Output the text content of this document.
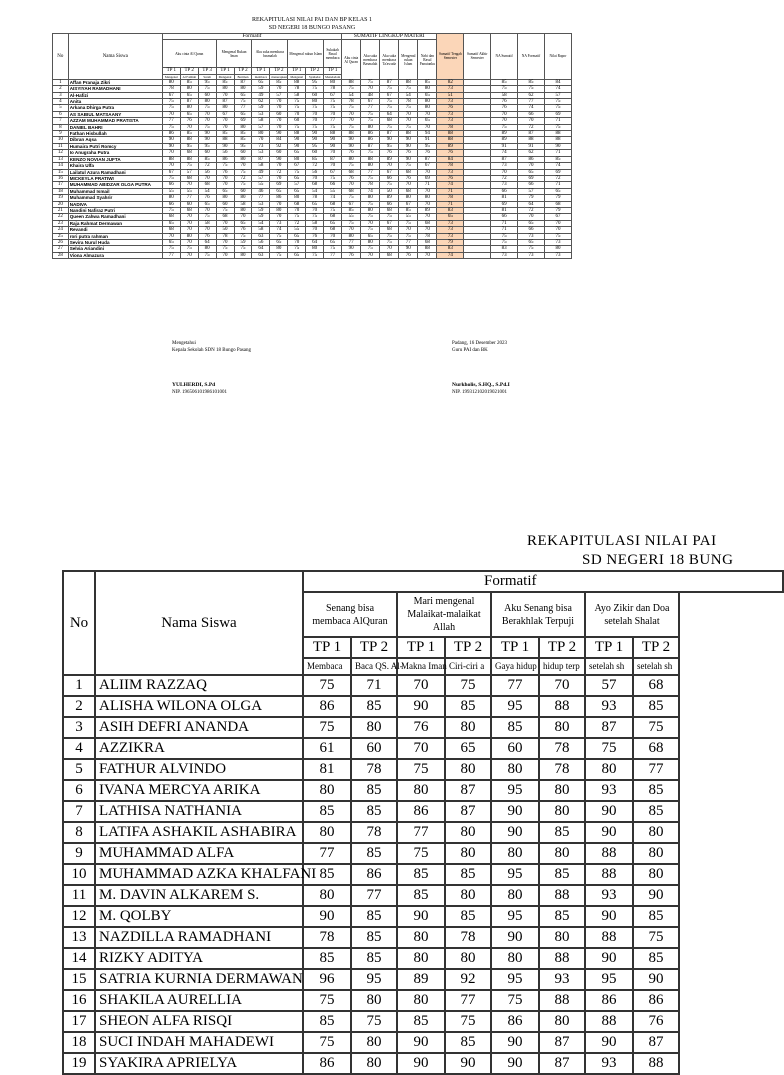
REKAPITULASI NILAI PAI DAN BP KELAS 1
SD NEGERI 18 BUNGO PASANG
No	Nama Siswa	Formatif										SUMATIF LINGKUP MATERI					Sumatif Tengah Semester	Sumatif Akhir Semester	NA Sumatif	NA Formatif	Nilai Rapor
		Aku cinta Al Quran			Mengenal Rukun Iman		Aku suka membaca basmalah		Mengenal rukun Islam		Sukakah Rasul membaca	Aku cinta Al Quran	Aku suka membaca Basmalah	Aku suka membaca Ta'awudz	Mengenal rukun Islam	Nabi dan Rasul Panutanku					
		TP 1	TP 2	TP 3	TP 1	TP 2	TP 1	TP 2	TP 1	TP 2	TP 1										
		Mengenal	Al Fatihah	Surah	Mengenal	Beriman	membaca	menerapkan	Mengenal	Syahadat	Meneladani										
1	Affan Pranaja Zikri	80	85	95	85	87	65	85	88	95	80	88	75	87	88	85	82		85	85	84
2	AISYIYAH RAMADHANI	78	80	75	80	80	59	70	78	75	78	75	70	75	75	80	73		75	75	74
3	Al-Hafizi	67	65	60	70	65	49	57	58	60	67	54	48	67	54	65	51		58	62	57
4	Anita	75	87	80	87	75	62	70	75	80	75	78	67	75	78	80	73		76	77	75
5	Arkana Dhirga Putra	75	80	75	80	77	59	70	75	75	75	75	77	75	75	80	76		76	74	75
6	AS SABIUL MATSAANY	70	65	70	67	65	53	60	70	70	70	70	75	64	70	70	73		70	66	69
7	AZZAM MUHAMMAD PRATISTA	77	76	70	70	69	58	70	60	70	77	70	75	68	70	65	73		70	70	71
8	DANIEL BAHRI	75	70	75	70	80	57	70	75	75	75	75	80	75	75	70	78		75	72	75
9	Fathan Hisbullah	86	85	90	85	85	80	90	88	90	88	88	86	87	88	94	88		89	87	88
10	Dibran Aqsa	90	88	90	88	85	70	84	90	90	90	90	86	90	90	91	88		89	88	88
11	Humaira Putri Romcy	90	95	95	90	95	73	92	90	95	90	90	87	95	90	95	89		91	91	90
12	Io Anugraha Putra	70	68	60	56	60	53	60	65	60	70	76	75	76	76	76	76		74	62	71
13	KENZO NOVIAN JUFTA	88	88	85	86	80	87	90	80	85	87	80	88	89	90	87	84		87	86	85
14	Khaira Ulfa	70	75	72	75	70	58	70	67	72	70	75	80	70	75	67	78		73	70	74
15	Lailatul Azura Ramadhani	67	57	56	76	75	49	72	75	56	67	68	77	67	68	70	73		70	65	69
16	MICKEYLA PRATIWI	75	68	70	70	72	57	70	65	70	75	76	75	66	76	69	76		72	69	72
17	MUHAMMAD ABIDZAR OLGA PUTRA	66	70	68	70	75	55	69	57	68	66	70	78	75	70	71	74		73	66	71
18	Muhammad Ismail	55	55	54	65	60	46	65	65	54	55	68	74	50	68	70	71		66	57	65
19	Muhammad Syahrir	80	77	76	80	80	77	86	80	78	74	75	80	89	80	80	78		81	79	79
20	NADIVA	66	60	65	60	58	53	70	68	65	68	67	75	66	67	70	71		69	64	68
21	Nandini Nafiraz Putri	75	68	70	75	80	59	80	70	70	75	85	80	68	85	89	83		81	72	79
22	Queen Zahwa Ramadhani	68	70	75	68	70	59	70	75	75	68	55	75	75	55	70	65		66	70	67
23	Raja Rahmat Dermawan	65	70	58	70	65	54	73	72	58	65	75	70	67	75	68	73		71	65	70
24	Revandi	68	70	70	50	76	58	74	55	70	68	70	75	68	70	70	73		71	66	70
25	rori putra rahman	70	80	76	78	75	63	75	65	76	70	80	65	75	75	78	73		75	73	75
26	Sevira Nurul Huda	65	70	64	70	59	56	65	70	64	65	77	80	75	77	68	79		75	65	73
27	Selvia Ariandini	75	75	80	75	75	64	80	75	80	75	90	75	70	90	88	83		83	75	80
28	Viona Almazura	77	70	75	70	80	63	75	65	75	77	76	70	68	76	70	74		73	73	73
Mengetahui
Kepala Sekolah SDN 18 Bungo Pasang
YULHERDI, S.Pd
NIP. 196506101986101001
Padang, 16 Desember 2023
Guru PAI dan BK
Nurkholis, S.HQ., S.Pd.I
NIP. 199312102019021001
REKAPITULASI NILAI PAI
SD NEGERI 18 BUNG
No	Nama Siswa	Formatif								
		Senang bisa membaca AlQuran		Mari mengenal Malaikat-malaikat Allah		Aku Senang bisa Berakhlak Terpuji		Ayo Zikir dan Doa setelah Shalat		
		TP 1	TP 2	TP 1	TP 2	TP 1	TP 2	TP 1	TP 2	
		Membaca	Baca QS. Al-	Makna Iman	Ciri-ciri a	Gaya hidup	hidup terp	setelah sh	setelah sh	
1	ALIIM RAZZAQ	75	71	70	75	77	70	57	68	
2	ALISHA WILONA OLGA	86	85	90	85	95	88	93	85	
3	ASIH DEFRI ANANDA	75	80	76	80	85	80	87	75	
4	AZZIKRA	61	60	70	65	60	78	75	68	
5	FATHUR ALVINDO	81	78	75	80	80	78	80	77	
6	IVANA MERCYA ARIKA	80	85	80	87	95	80	93	85	
7	LATHISA NATHANIA	85	85	86	87	90	80	90	85	
8	LATIFA ASHAKIL ASHABIRA	80	78	77	80	90	85	90	80	
9	MUHAMMAD ALFA	77	85	75	80	80	80	88	80	
10	MUHAMMAD AZKA KHALFANI	85	86	85	85	95	85	88	80	
11	M. DAVIN ALKAREM S.	80	77	85	80	80	88	93	90	
12	M. QOLBY	90	85	90	85	95	85	90	85	
13	NAZDILLA RAMADHANI	78	85	80	78	90	80	88	75	
14	RIZKY ADITYA	85	85	80	80	80	88	90	85	
15	SATRIA KURNIA DERMAWAN	96	95	89	92	95	93	95	90	
16	SHAKILA AURELLIA	75	80	80	77	75	88	86	86	
17	SHEON ALFA RISQI	85	75	85	75	86	80	88	76	
18	SUCI INDAH MAHADEWI	75	80	90	85	90	87	90	87	
19	SYAKIRA APRIELYA	86	80	90	90	90	87	93	88	
